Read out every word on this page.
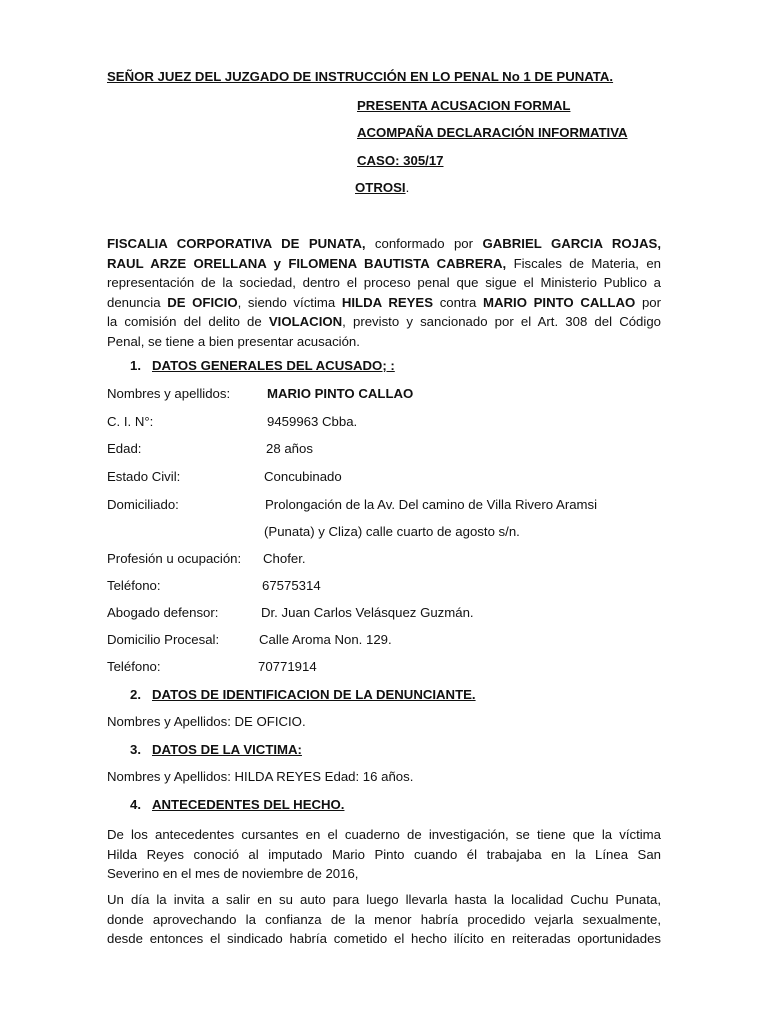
SEÑOR JUEZ DEL JUZGADO DE INSTRUCCIÓN EN LO PENAL No 1 DE PUNATA.
PRESENTA ACUSACION FORMAL
ACOMPAÑA DECLARACIÓN INFORMATIVA
CASO: 305/17
OTROSI.
FISCALIA CORPORATIVA DE PUNATA, conformado por GABRIEL GARCIA ROJAS,
RAUL ARZE ORELLANA y FILOMENA BAUTISTA CABRERA, Fiscales de Materia, en
representación de la sociedad, dentro el proceso penal que sigue el Ministerio Publico a
denuncia DE OFICIO, siendo víctima HILDA REYES contra MARIO PINTO CALLAO por
la comisión del delito de VIOLACION, previsto y sancionado por el Art. 308 del Código
Penal, se tiene a bien presentar acusación.
1. DATOS GENERALES DEL ACUSADO; :
Nombres y apellidos:	MARIO PINTO CALLAO
C. I. N°:	9459963 Cbba.
Edad:	28 años
Estado Civil:	Concubinado
Domiciliado:	Prolongación de la Av. Del camino de Villa Rivero Aramsi
(Punata) y Cliza) calle cuarto de agosto s/n.
Profesión u ocupación: Chofer.
Teléfono:	67575314
Abogado defensor:	Dr. Juan Carlos Velásquez Guzmán.
Domicilio Procesal:	Calle Aroma Non. 129.
Teléfono:	70771914
2. DATOS DE IDENTIFICACION DE LA DENUNCIANTE.
Nombres y Apellidos: DE OFICIO.
3. DATOS DE LA VICTIMA:
Nombres y Apellidos: HILDA REYES Edad: 16 años.
4. ANTECEDENTES DEL HECHO.
De los antecedentes cursantes en el cuaderno de investigación, se tiene que la víctima
Hilda Reyes conoció al imputado Mario Pinto cuando él trabajaba en la Línea San
Severino en el mes de noviembre de 2016,
Un día la invita a salir en su auto para luego llevarla hasta la localidad Cuchu Punata,
donde aprovechando la confianza de la menor habría procedido vejarla sexualmente,
desde entonces el sindicado habría cometido el hecho ilícito en reiteradas oportunidades
